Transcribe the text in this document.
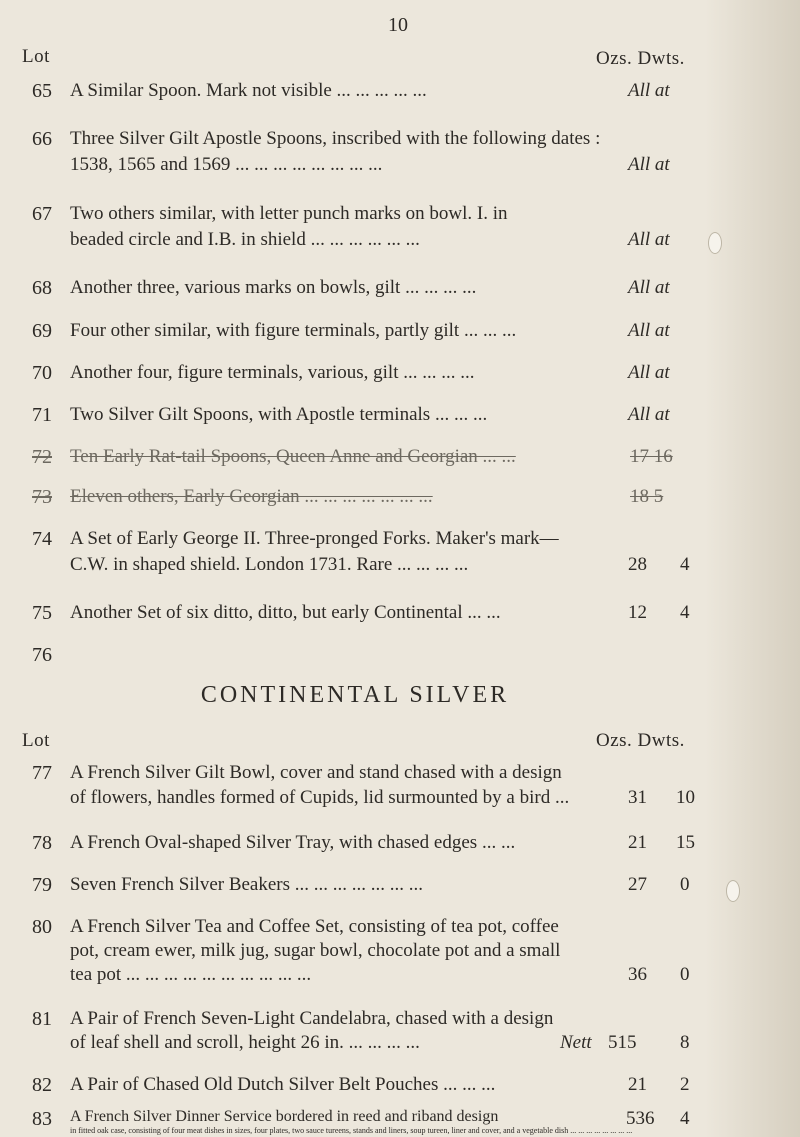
10
Lot	Ozs. Dwts.
65 A Similar Spoon. Mark not visible ... ... ... ... ...	All at
66 Three Silver Gilt Apostle Spoons, inscribed with the following dates :
1538, 1565 and 1569 ... ... ... ... ... ... ... ...	All at
67 Two others similar, with letter punch marks on bowl. I. in
beaded circle and I.B. in shield ... ... ... ... ... ...	All at
68 Another three, various marks on bowls, gilt ... ... ... ...	All at
69 Four other similar, with figure terminals, partly gilt ... ... ...	All at
70 Another four, figure terminals, various, gilt ... ... ... ...	All at
71 Two Silver Gilt Spoons, with Apostle terminals ... ... ...	All at
72 Ten Early Rat-tail Spoons, Queen Anne and Georgian ... ...	17 16
73 Eleven others, Early Georgian ... ... ... ... ... ... ...	18 5
74 A Set of Early George II. Three-pronged Forks. Maker's mark—
C.W. in shaped shield. London 1731. Rare ... ... ... ...	28 4
75 Another Set of six ditto, ditto, but early Continental ... ...	12 4
76
CONTINENTAL SILVER
Lot	Ozs. Dwts.
77 A French Silver Gilt Bowl, cover and stand chased with a design
of flowers, handles formed of Cupids, lid surmounted by a bird ...	31 10
78 A French Oval-shaped Silver Tray, with chased edges ... ...	21 15
79 Seven French Silver Beakers ... ... ... ... ... ... ...	27 0
80 A French Silver Tea and Coffee Set, consisting of tea pot, coffee
pot, cream ewer, milk jug, sugar bowl, chocolate pot and a small
tea pot ... ... ... ... ... ... ... ... ... ...	36 0
81 A Pair of French Seven-Light Candelabra, chased with a design
of leaf shell and scroll, height 26 in. ... ... ... ...	Nett 515 8
82 A Pair of Chased Old Dutch Silver Belt Pouches ... ... ...	21 2
83 A French Silver Dinner Service bordered in reed and riband design	536 4
in fitted oak case, consisting of four meat dishes in sizes, four plates, two sauce tureens, stands and liners, soup tureen, liner and cover, and a vegetable dish ... ... ... ... ... ... ... ...
